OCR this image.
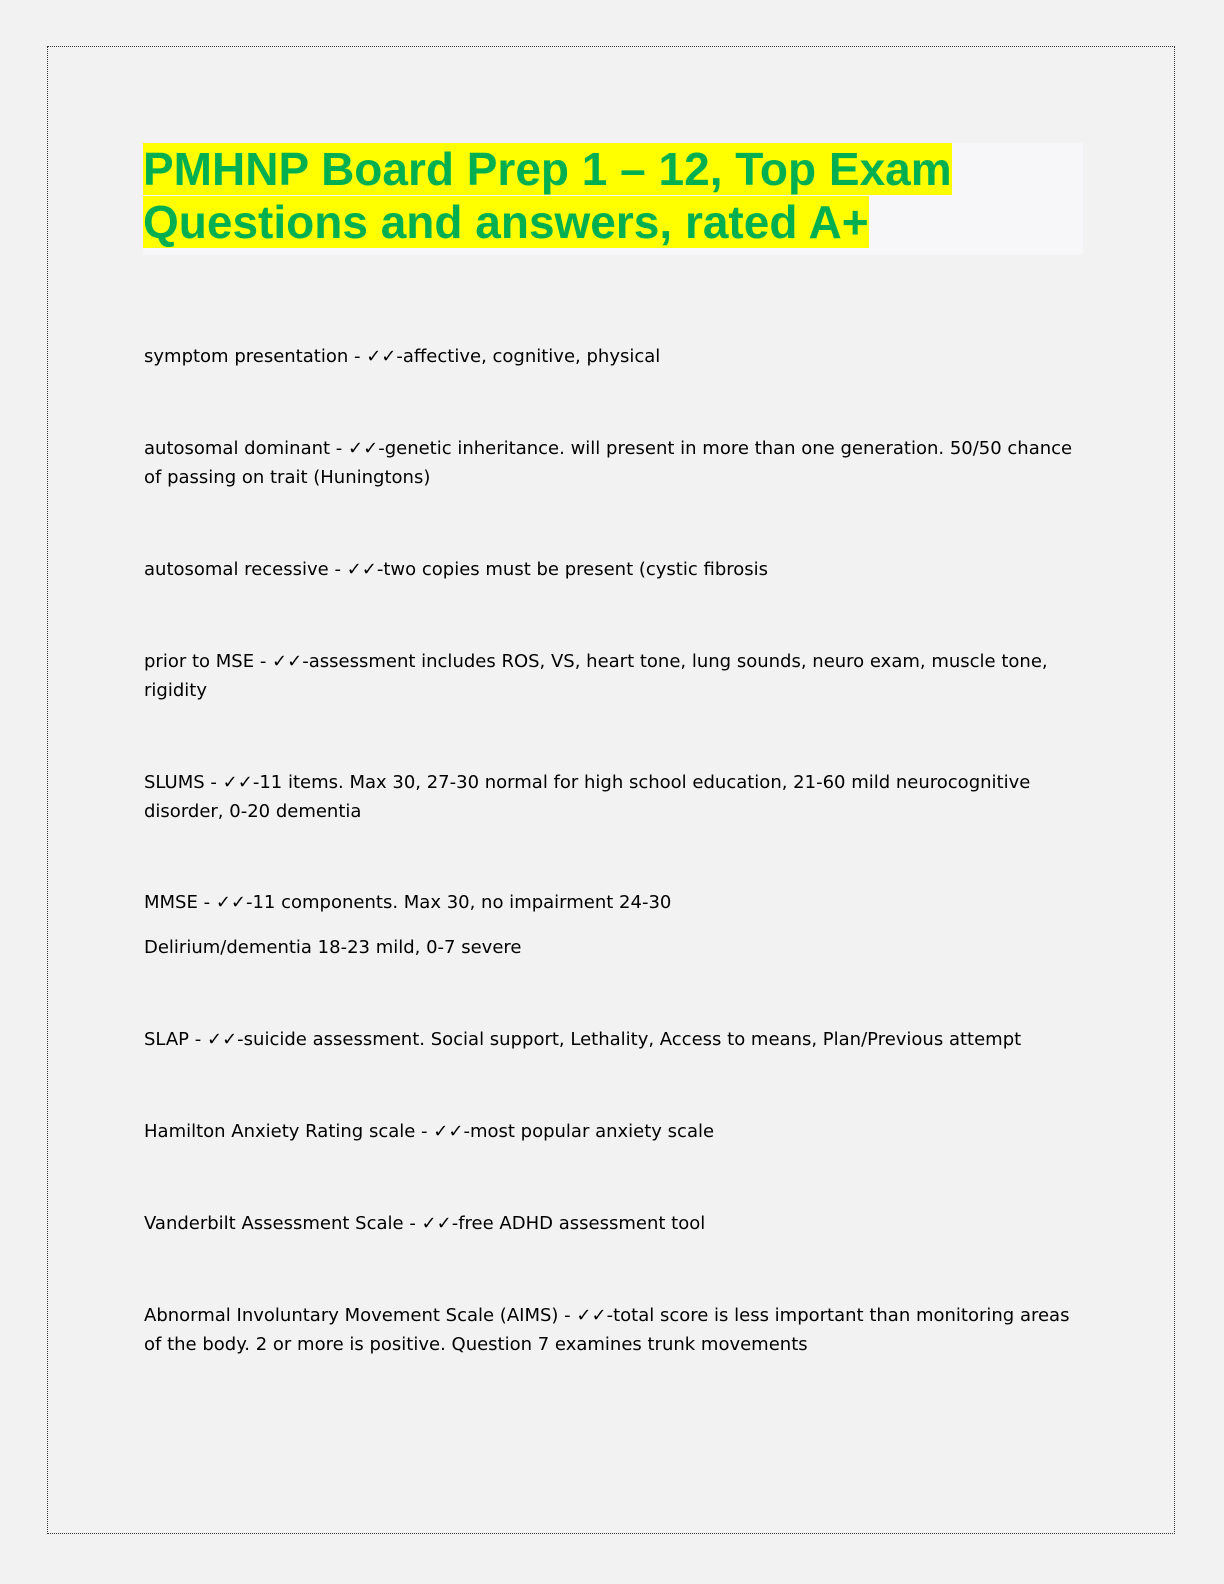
PMHNP Board Prep 1 – 12, Top Exam
Questions and answers, rated A+
symptom presentation - ✓✓-affective, cognitive, physical
autosomal dominant - ✓✓-genetic inheritance. will present in more than one generation. 50/50 chance of passing on trait (Huningtons)
autosomal recessive - ✓✓-two copies must be present (cystic fibrosis
prior to MSE - ✓✓-assessment includes ROS, VS, heart tone, lung sounds, neuro exam, muscle tone, rigidity
SLUMS - ✓✓-11 items. Max 30, 27-30 normal for high school education, 21-60 mild neurocognitive disorder, 0-20 dementia
MMSE - ✓✓-11 components. Max 30, no impairment 24-30
Delirium/dementia 18-23 mild, 0-7 severe
SLAP - ✓✓-suicide assessment. Social support, Lethality, Access to means, Plan/Previous attempt
Hamilton Anxiety Rating scale - ✓✓-most popular anxiety scale
Vanderbilt Assessment Scale - ✓✓-free ADHD assessment tool
Abnormal Involuntary Movement Scale (AIMS) - ✓✓-total score is less important than monitoring areas of the body. 2 or more is positive. Question 7 examines trunk movements
